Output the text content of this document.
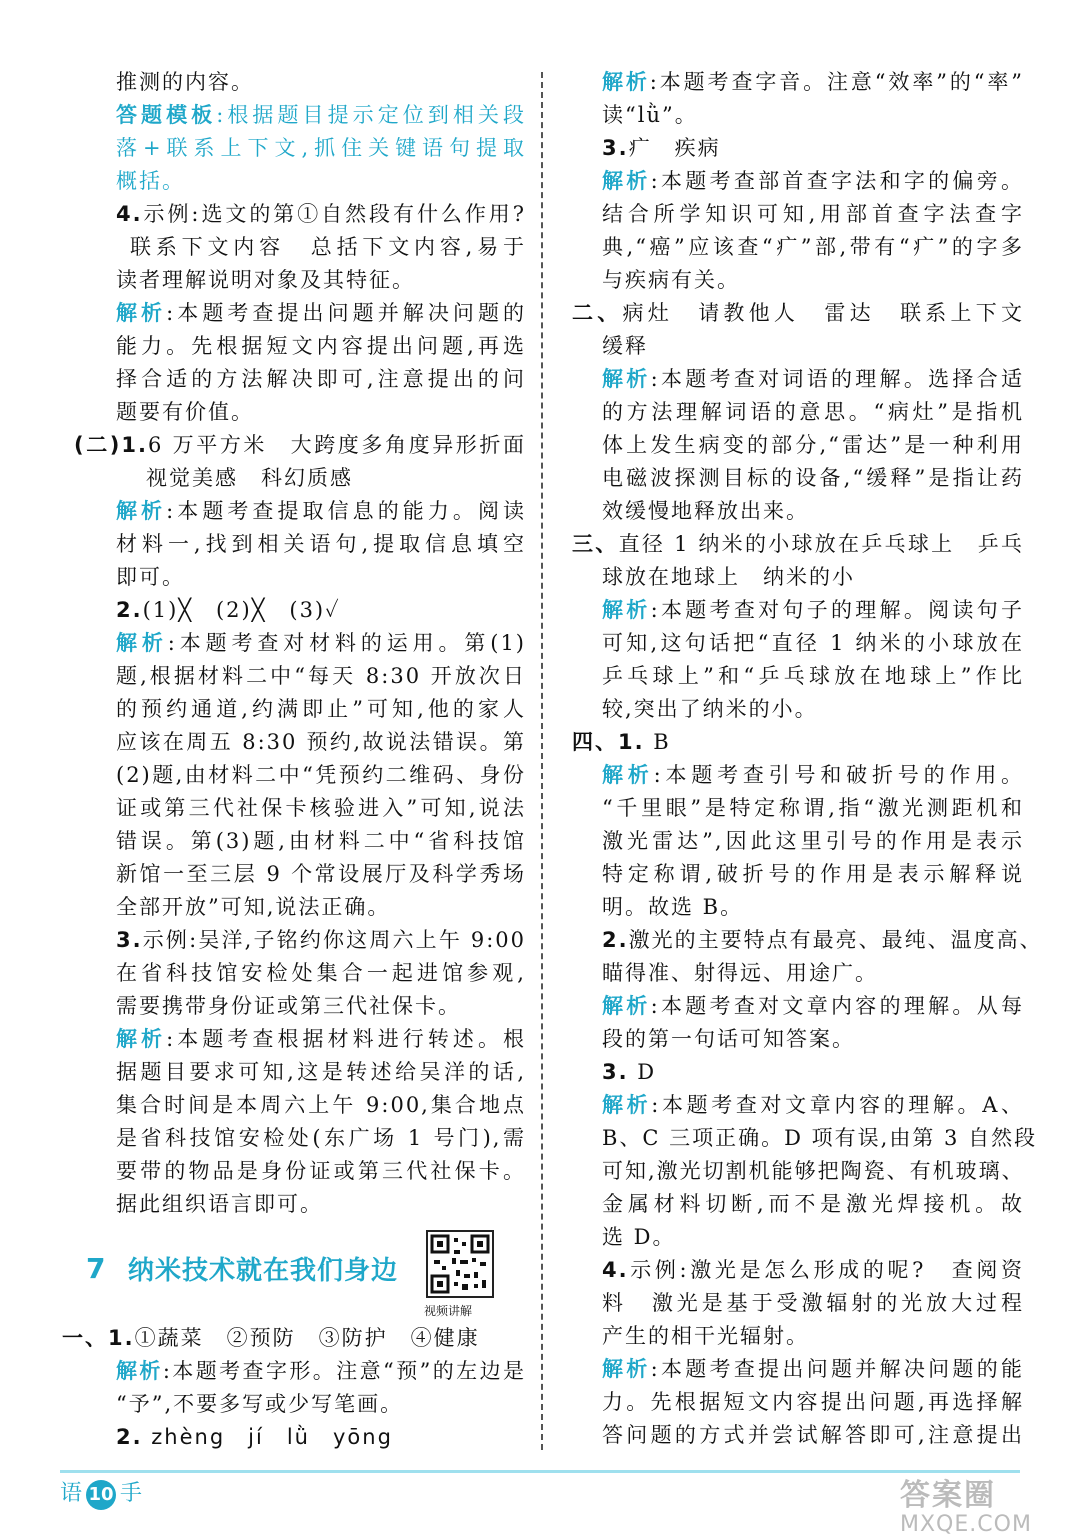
推测的内容。
答题模板:根据题目提示定位到相关段
落+联系上下文,抓住关键语句提取
概括。
4.示例:选文的第①自然段有什么作用?
联系下文内容　总括下文内容,易于
读者理解说明对象及其特征。
解析:本题考查提出问题并解决问题的
能力。先根据短文内容提出问题,再选
择合适的方法解决即可,注意提出的问
题要有价值。
(二)1.6 万平方米　大跨度多角度异形折面
视觉美感　科幻质感
解析:本题考查提取信息的能力。阅读
材料一,找到相关语句,提取信息填空
即可。
2.(1)╳　(2)╳　(3)✓
解析:本题考查对材料的运用。第(1)
题,根据材料二中“每天 8:30 开放次日
的预约通道,约满即止”可知,他的家人
应该在周五 8:30 预约,故说法错误。第
(2)题,由材料二中“凭预约二维码、身份
证或第三代社保卡核验进入”可知,说法
错误。第(3)题,由材料二中“省科技馆
新馆一至三层 9 个常设展厅及科学秀场
全部开放”可知,说法正确。
3.示例:吴洋,子铭约你这周六上午 9:00
在省科技馆安检处集合一起进馆参观,
需要携带身份证或第三代社保卡。
解析:本题考查根据材料进行转述。根
据题目要求可知,这是转述给吴洋的话,
集合时间是本周六上午 9:00,集合地点
是省科技馆安检处(东广场 1 号门),需
要带的物品是身份证或第三代社保卡。
据此组织语言即可。
7 纳米技术就在我们身边
视频讲解
一、1.①蔬菜　②预防　③防护　④健康
解析:本题考查字形。注意“预”的左边是
“予”,不要多写或少写笔画。
2. zhèng　jí　lǜ　yōng
解析:本题考查字音。注意“效率”的“率”
读“lǜ”。
3.疒　疾病
解析:本题考查部首查字法和字的偏旁。
结合所学知识可知,用部首查字法查字
典,“癌”应该查“疒”部,带有“疒”的字多
与疾病有关。
二、病灶　请教他人　雷达　联系上下文
缓释
解析:本题考查对词语的理解。选择合适
的方法理解词语的意思。“病灶”是指机
体上发生病变的部分,“雷达”是一种利用
电磁波探测目标的设备,“缓释”是指让药
效缓慢地释放出来。
三、直径 1 纳米的小球放在乒乓球上　乒乓
球放在地球上　纳米的小
解析:本题考查对句子的理解。阅读句子
可知,这句话把“直径 1 纳米的小球放在
乒乓球上”和“乒乓球放在地球上”作比
较,突出了纳米的小。
四、1. B
解析:本题考查引号和破折号的作用。
“千里眼”是特定称谓,指“激光测距机和
激光雷达”,因此这里引号的作用是表示
特定称谓,破折号的作用是表示解释说
明。故选 B。
2.激光的主要特点有最亮、最纯、温度高、
瞄得准、射得远、用途广。
解析:本题考查对文章内容的理解。从每
段的第一句话可知答案。
3. D
解析:本题考查对文章内容的理解。A、
B、C 三项正确。D 项有误,由第 3 自然段
可知,激光切割机能够把陶瓷、有机玻璃、
金属材料切断,而不是激光焊接机。故
选 D。
4.示例:激光是怎么形成的呢?　查阅资
料　激光是基于受激辐射的光放大过程
产生的相干光辐射。
解析:本题考查提出问题并解决问题的能
力。先根据短文内容提出问题,再选择解
答问题的方式并尝试解答即可,注意提出
语 10 手	答案圈
MXQE.COM
